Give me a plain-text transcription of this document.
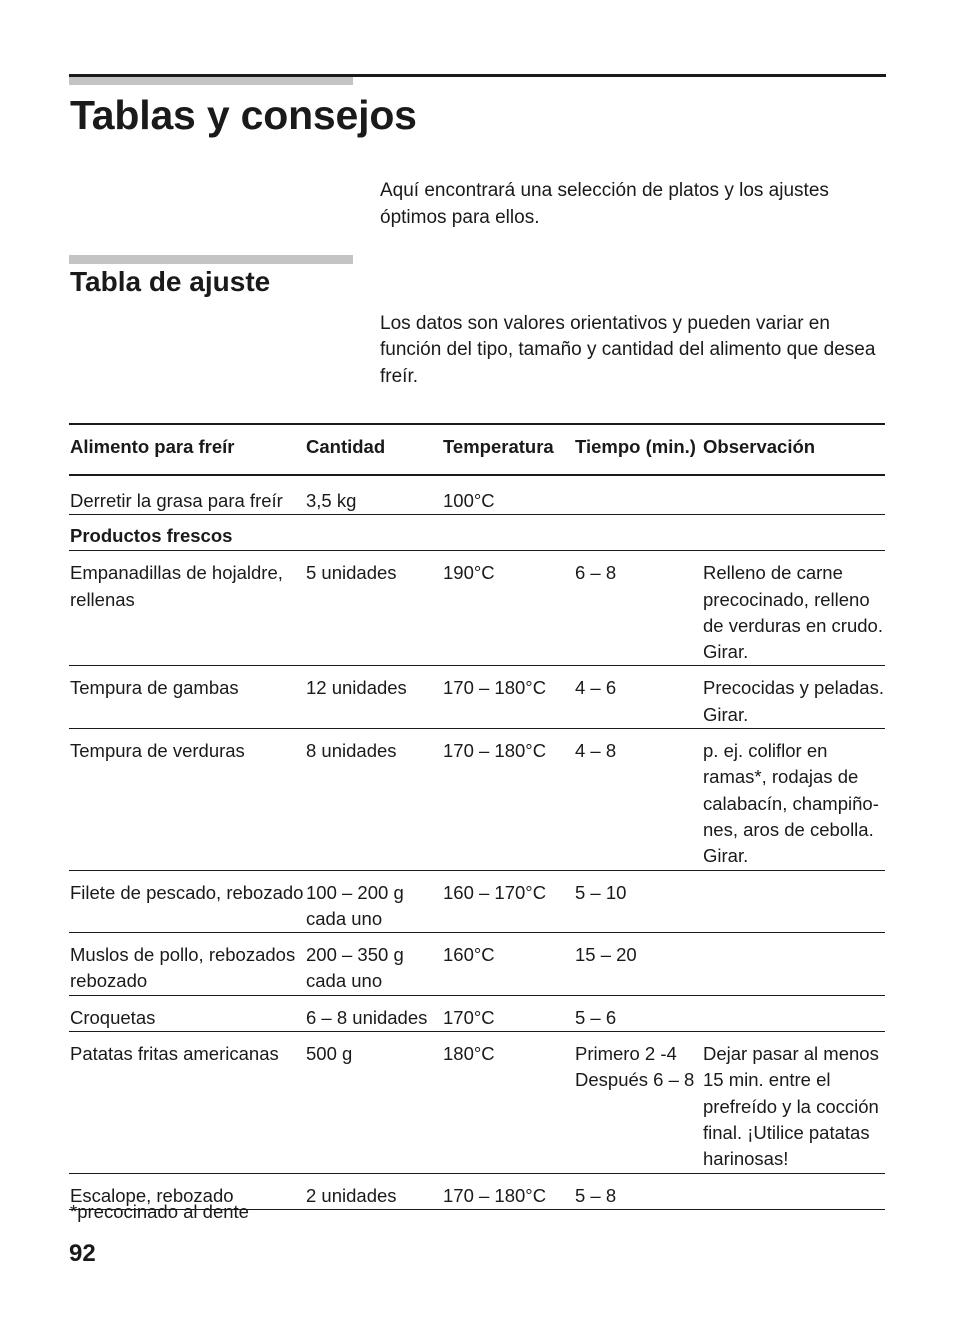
Tablas y consejos

Aquí encontrará una selección de platos y los ajustes óptimos para ellos.

Tabla de ajuste

Los datos son valores orientativos y pueden variar en función del tipo, tamaño y cantidad del alimento que desea freír.

Alimento para freír	Cantidad	Temperatura	Tiempo (min.)	Observación
Derretir la grasa para freír	3,5 kg	100°C		
Productos frescos				
Empanadillas de hojaldre, rellenas	5 unidades	190°C	6 – 8	Relleno de carne precocinado, relleno de verduras en crudo. Girar.
Tempura de gambas	12 unidades	170 – 180°C	4 – 6	Precocidas y peladas. Girar.
Tempura de verduras	8 unidades	170 – 180°C	4 – 8	p. ej. coliflor en ramas*, rodajas de calabacín, champiño-nes, aros de cebolla. Girar.
Filete de pescado, rebozado	100 – 200 g cada uno	160 – 170°C	5 – 10	
Muslos de pollo, rebozados rebozado	200 – 350 g cada uno	160°C	15 – 20	
Croquetas	6 – 8 unidades	170°C	5 – 6	
Patatas fritas americanas	500 g	180°C	Primero 2 -4 Después 6 – 8	Dejar pasar al menos 15 min. entre el prefreído y la cocción final. ¡Utilice patatas harinosas!
Escalope, rebozado	2 unidades	170 – 180°C	5 – 8	

*precocinado al dente

92
